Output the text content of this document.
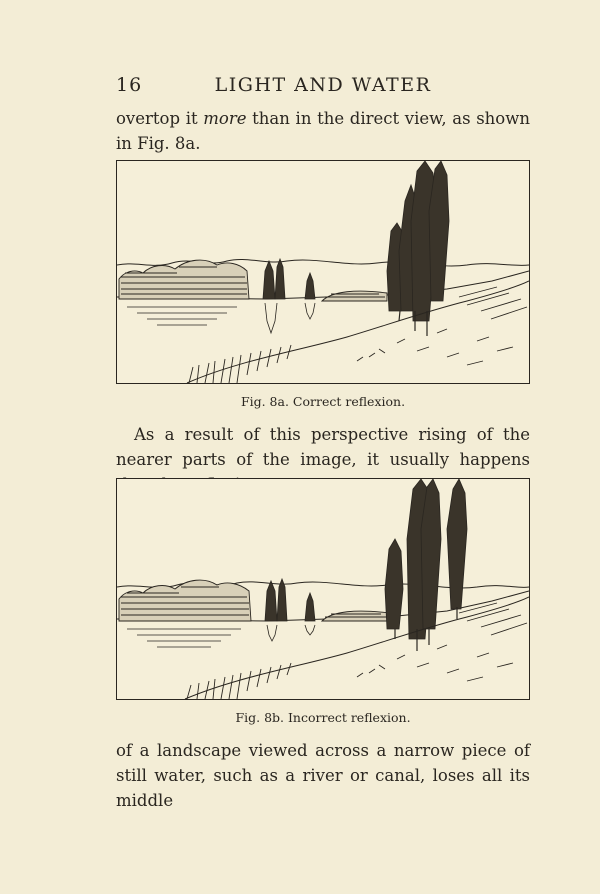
16	LIGHT AND WATER

overtop it more than in the direct view, as shown in Fig. 8a.

Fig. 8a. Correct reflexion.

As a result of this perspective rising of the nearer parts of the image, it usually happens

Fig. 8b. Incorrect reflexion.

of a landscape viewed across a narrow piece of still water, such as a river or canal, loses all its middle
